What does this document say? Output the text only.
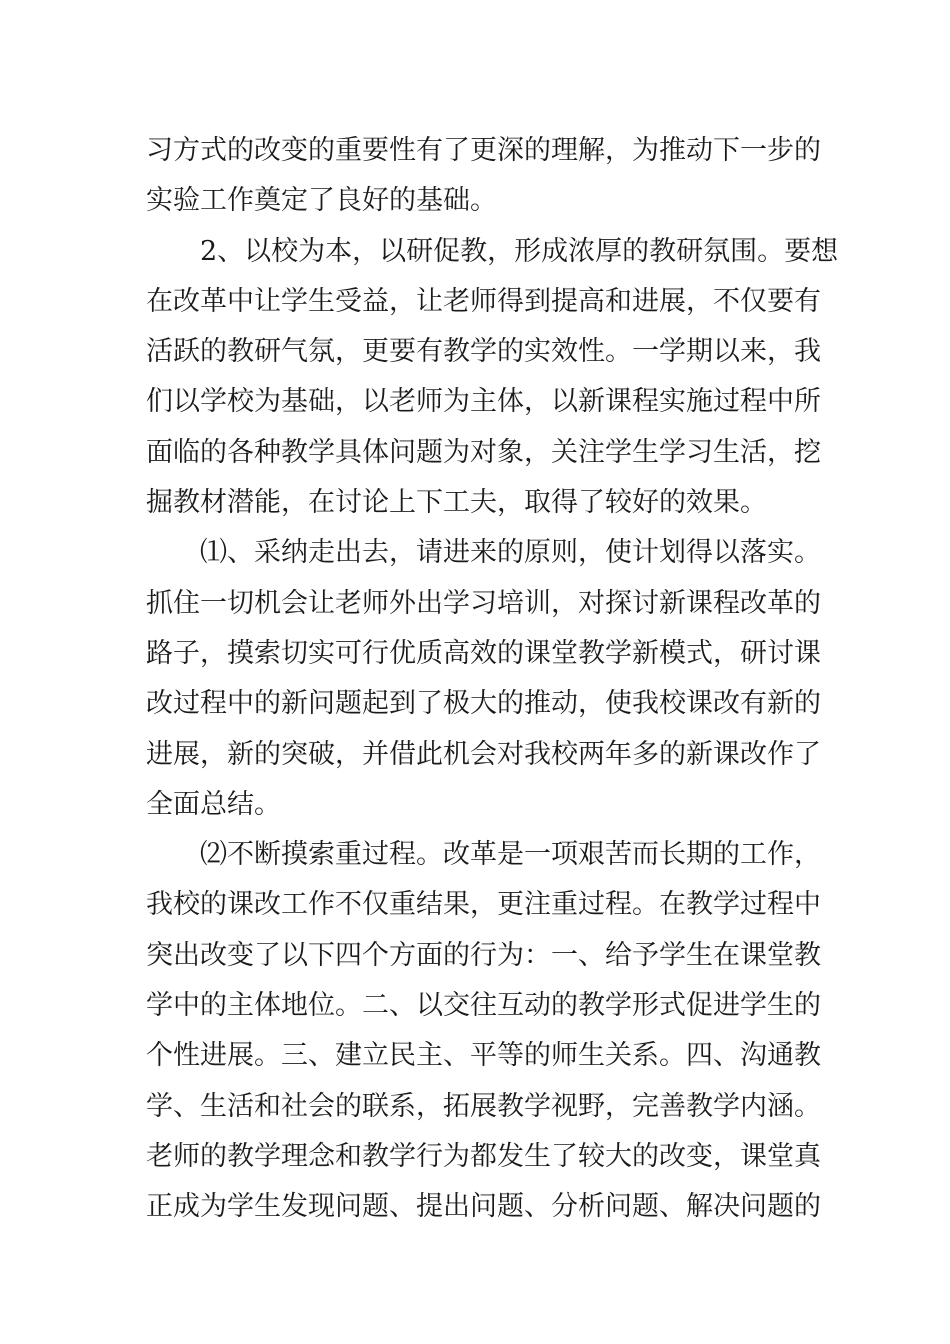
习方式的改变的重要性有了更深的理解，为推动下一步的
实验工作奠定了良好的基础。
2、以校为本，以研促教，形成浓厚的教研氛围。要想
在改革中让学生受益，让老师得到提高和进展，不仅要有
活跃的教研气氛，更要有教学的实效性。一学期以来，我
们以学校为基础，以老师为主体，以新课程实施过程中所
面临的各种教学具体问题为对象，关注学生学习生活，挖
掘教材潜能，在讨论上下工夫，取得了较好的效果。
⑴、采纳走出去，请进来的原则，使计划得以落实。
抓住一切机会让老师外出学习培训，对探讨新课程改革的
路子，摸索切实可行优质高效的课堂教学新模式，研讨课
改过程中的新问题起到了极大的推动，使我校课改有新的
进展，新的突破，并借此机会对我校两年多的新课改作了
全面总结。
⑵不断摸索重过程。改革是一项艰苦而长期的工作，
我校的课改工作不仅重结果，更注重过程。在教学过程中
突出改变了以下四个方面的行为：一、给予学生在课堂教
学中的主体地位。二、以交往互动的教学形式促进学生的
个性进展。三、建立民主、平等的师生关系。四、沟通教
学、生活和社会的联系，拓展教学视野，完善教学内涵。
老师的教学理念和教学行为都发生了较大的改变，课堂真
正成为学生发现问题、提出问题、分析问题、解决问题的
